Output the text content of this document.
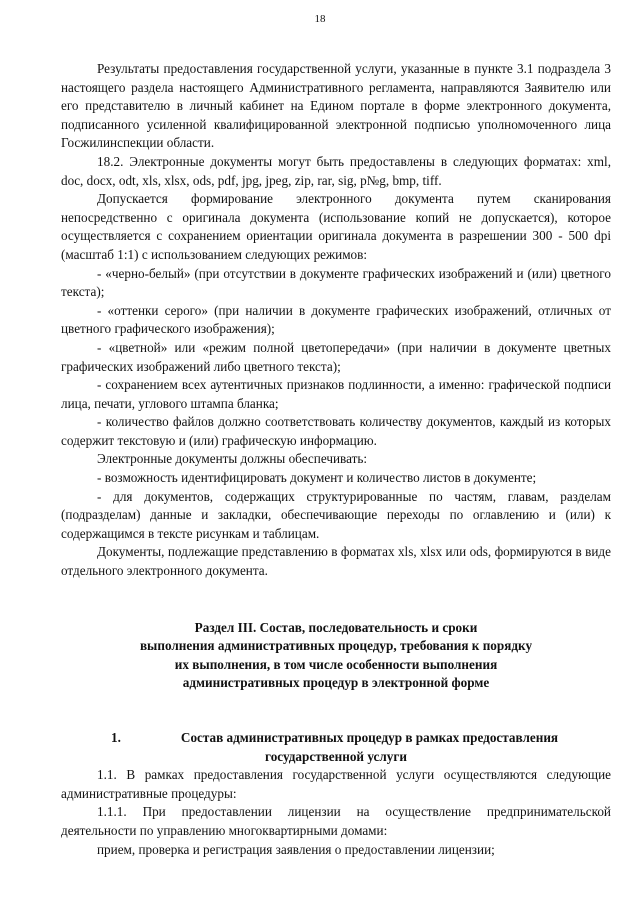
18

Результаты предоставления государственной услуги, указанные в пункте 3.1 подраздела 3 настоящего раздела настоящего Административного регламента, направляются Заявителю или его представителю в личный кабинет на Едином портале в форме электронного документа, подписанного усиленной квалифицированной электронной подписью уполномоченного лица Госжилинспекции области.

18.2. Электронные документы могут быть предоставлены в следующих форматах: xml, doc, docx, odt, xls, xlsx, ods, pdf, jpg, jpeg, zip, rar, sig, p№g, bmp, tiff.

Допускается формирование электронного документа путем сканирования непосредственно с оригинала документа (использование копий не допускается), которое осуществляется с сохранением ориентации оригинала документа в разрешении 300 - 500 dpi (масштаб 1:1) с использованием следующих режимов:

- «черно-белый» (при отсутствии в документе графических изображений и (или) цветного текста);

- «оттенки серого» (при наличии в документе графических изображений, отличных от цветного графического изображения);

- «цветной» или «режим полной цветопередачи» (при наличии в документе цветных графических изображений либо цветного текста);

- сохранением всех аутентичных признаков подлинности, а именно: графической подписи лица, печати, углового штампа бланка;

- количество файлов должно соответствовать количеству документов, каждый из которых содержит текстовую и (или) графическую информацию.

Электронные документы должны обеспечивать:

- возможность идентифицировать документ и количество листов в документе;

- для документов, содержащих структурированные по частям, главам, разделам (подразделам) данные и закладки, обеспечивающие переходы по оглавлению и (или) к содержащимся в тексте рисункам и таблицам.

Документы, подлежащие представлению в форматах xls, xlsx или ods, формируются в виде отдельного электронного документа.

Раздел III. Состав, последовательность и сроки
выполнения административных процедур, требования к порядку
их выполнения, в том числе особенности выполнения
административных процедур в электронной форме
1.	Состав административных процедур в рамках предоставления
государственной услуги

1.1. В рамках предоставления государственной услуги осуществляются следующие административные процедуры:

1.1.1. При предоставлении лицензии на осуществление предпринимательской деятельности по управлению многоквартирными домами:

прием, проверка и регистрация заявления о предоставлении лицензии;
